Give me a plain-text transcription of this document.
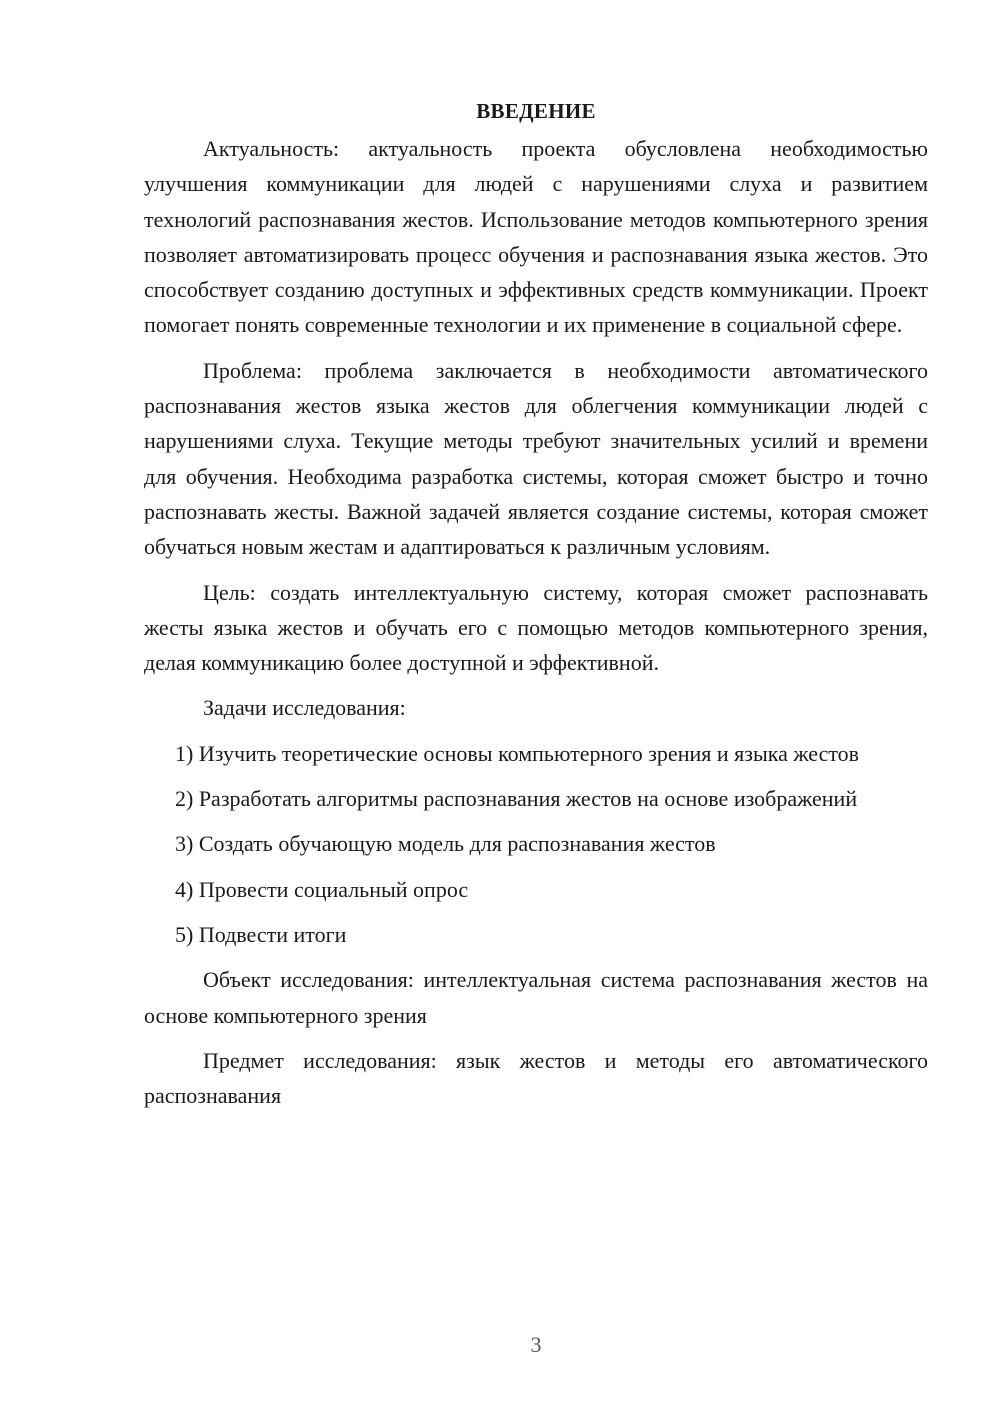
ВВЕДЕНИЕ

Актуальность: актуальность проекта обусловлена необходимостью улучшения коммуникации для людей с нарушениями слуха и развитием технологий распознавания жестов. Использование методов компьютерного зрения позволяет автоматизировать процесс обучения и распознавания языка жестов. Это способствует созданию доступных и эффективных средств коммуникации. Проект помогает понять современные технологии и их применение в социальной сфере.

Проблема: проблема заключается в необходимости автоматического распознавания жестов языка жестов для облегчения коммуникации людей с нарушениями слуха. Текущие методы требуют значительных усилий и времени для обучения. Необходима разработка системы, которая сможет быстро и точно распознавать жесты. Важной задачей является создание системы, которая сможет обучаться новым жестам и адаптироваться к различным условиям.

Цель: создать интеллектуальную систему, которая сможет распознавать жесты языка жестов и обучать его с помощью методов компьютерного зрения, делая коммуникацию более доступной и эффективной.

Задачи исследования:

1) Изучить теоретические основы компьютерного зрения и языка жестов

2) Разработать алгоритмы распознавания жестов на основе изображений

3) Создать обучающую модель для распознавания жестов

4) Провести социальный опрос

5) Подвести итоги

Объект исследования: интеллектуальная система распознавания жестов на основе компьютерного зрения

Предмет исследования: язык жестов и методы его автоматического распознавания

3
